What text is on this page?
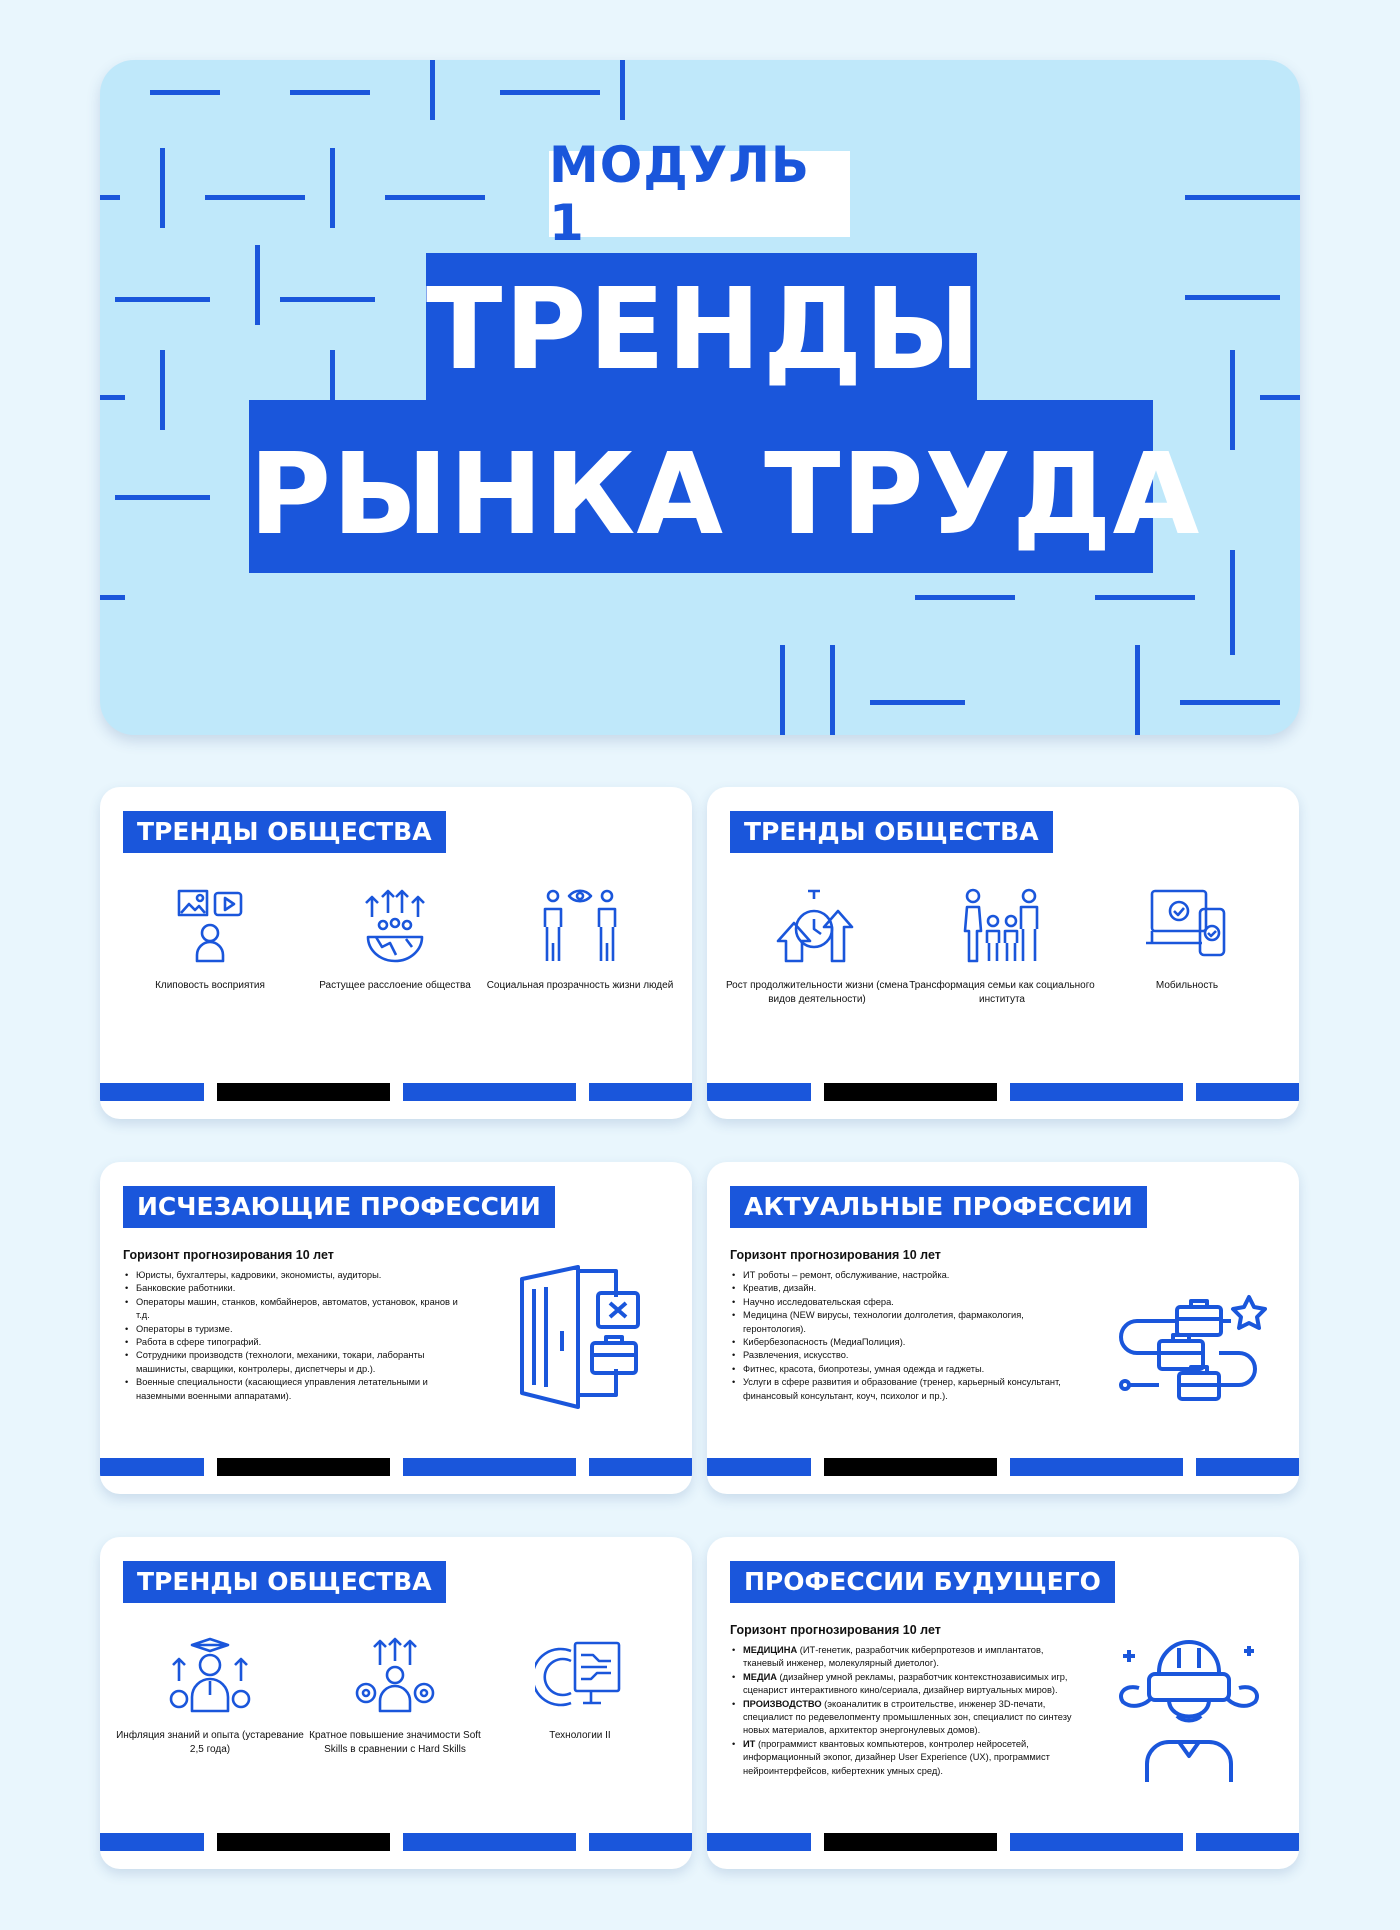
МОДУЛЬ 1
ТРЕНДЫ
РЫНКА ТРУДА
ТРЕНДЫ ОБЩЕСТВА
Клиповость восприятия	Растущее расслоение общества	Социальная прозрачность жизни людей
ТРЕНДЫ ОБЩЕСТВА
Рост продолжительности жизни (смена видов деятельности)
Трансформация семьи как социального института
Мобильность
ИСЧЕЗАЮЩИЕ ПРОФЕССИИ
Горизонт прогнозирования 10 лет
• Юристы, бухгалтеры, кадровики, экономисты, аудиторы.
• Банковские работники.
• Операторы машин, станков, комбайнеров, автоматов, установок, кранов и т.д.
• Операторы в туризме.
• Работа в сфере типографий.
• Сотрудники производств (технологи, механики, токари, лаборанты машинисты, сварщики, контролеры, диспетчеры и др.).
• Военные специальности (касающиеся управления летательными и наземными военными аппаратами).
АКТУАЛЬНЫЕ ПРОФЕССИИ
Горизонт прогнозирования 10 лет
• ИТ роботы – ремонт, обслуживание, настройка.
• Креатив, дизайн.
• Научно исследовательская сфера.
• Медицина (NEW вирусы, технологии долголетия, фармакология, геронтология).
• Кибербезопасность (МедиаПолиция).
• Развлечения, искусство.
• Фитнес, красота, биопротезы, умная одежда и гаджеты.
• Услуги в сфере развития и образование (тренер, карьерный консультант, финансовый консультант, коуч, психолог и пр.).
ТРЕНДЫ ОБЩЕСТВА
Инфляция знаний и опыта (устаревание 2,5 года)
Кратное повышение значимости Soft Skills в сравнении с Hard Skills
Технологии II
ПРОФЕССИИ БУДУЩЕГО
Горизонт прогнозирования 10 лет
• МЕДИЦИНА (ИТ-генетик, разработчик киберпротезов и имплантатов, тканевый инженер, молекулярный диетолог).
• МЕДИА (дизайнер умной рекламы, разработчик контекстнозависимых игр, сценарист интерактивного кино/сериала, дизайнер виртуальных миров).
• ПРОИЗВОДСТВО (экоаналитик в строительстве, инженер 3D-печати, специалист по редевелопменту промышленных зон, специалист по синтезу новых материалов, архитектор энергонулевых домов).
• ИТ (программист квантовых компьютеров, контролер нейросетей, информационный экопог, дизайнер User Experience (UX), программист нейроинтерфейсов, кибертехник умных сред).
